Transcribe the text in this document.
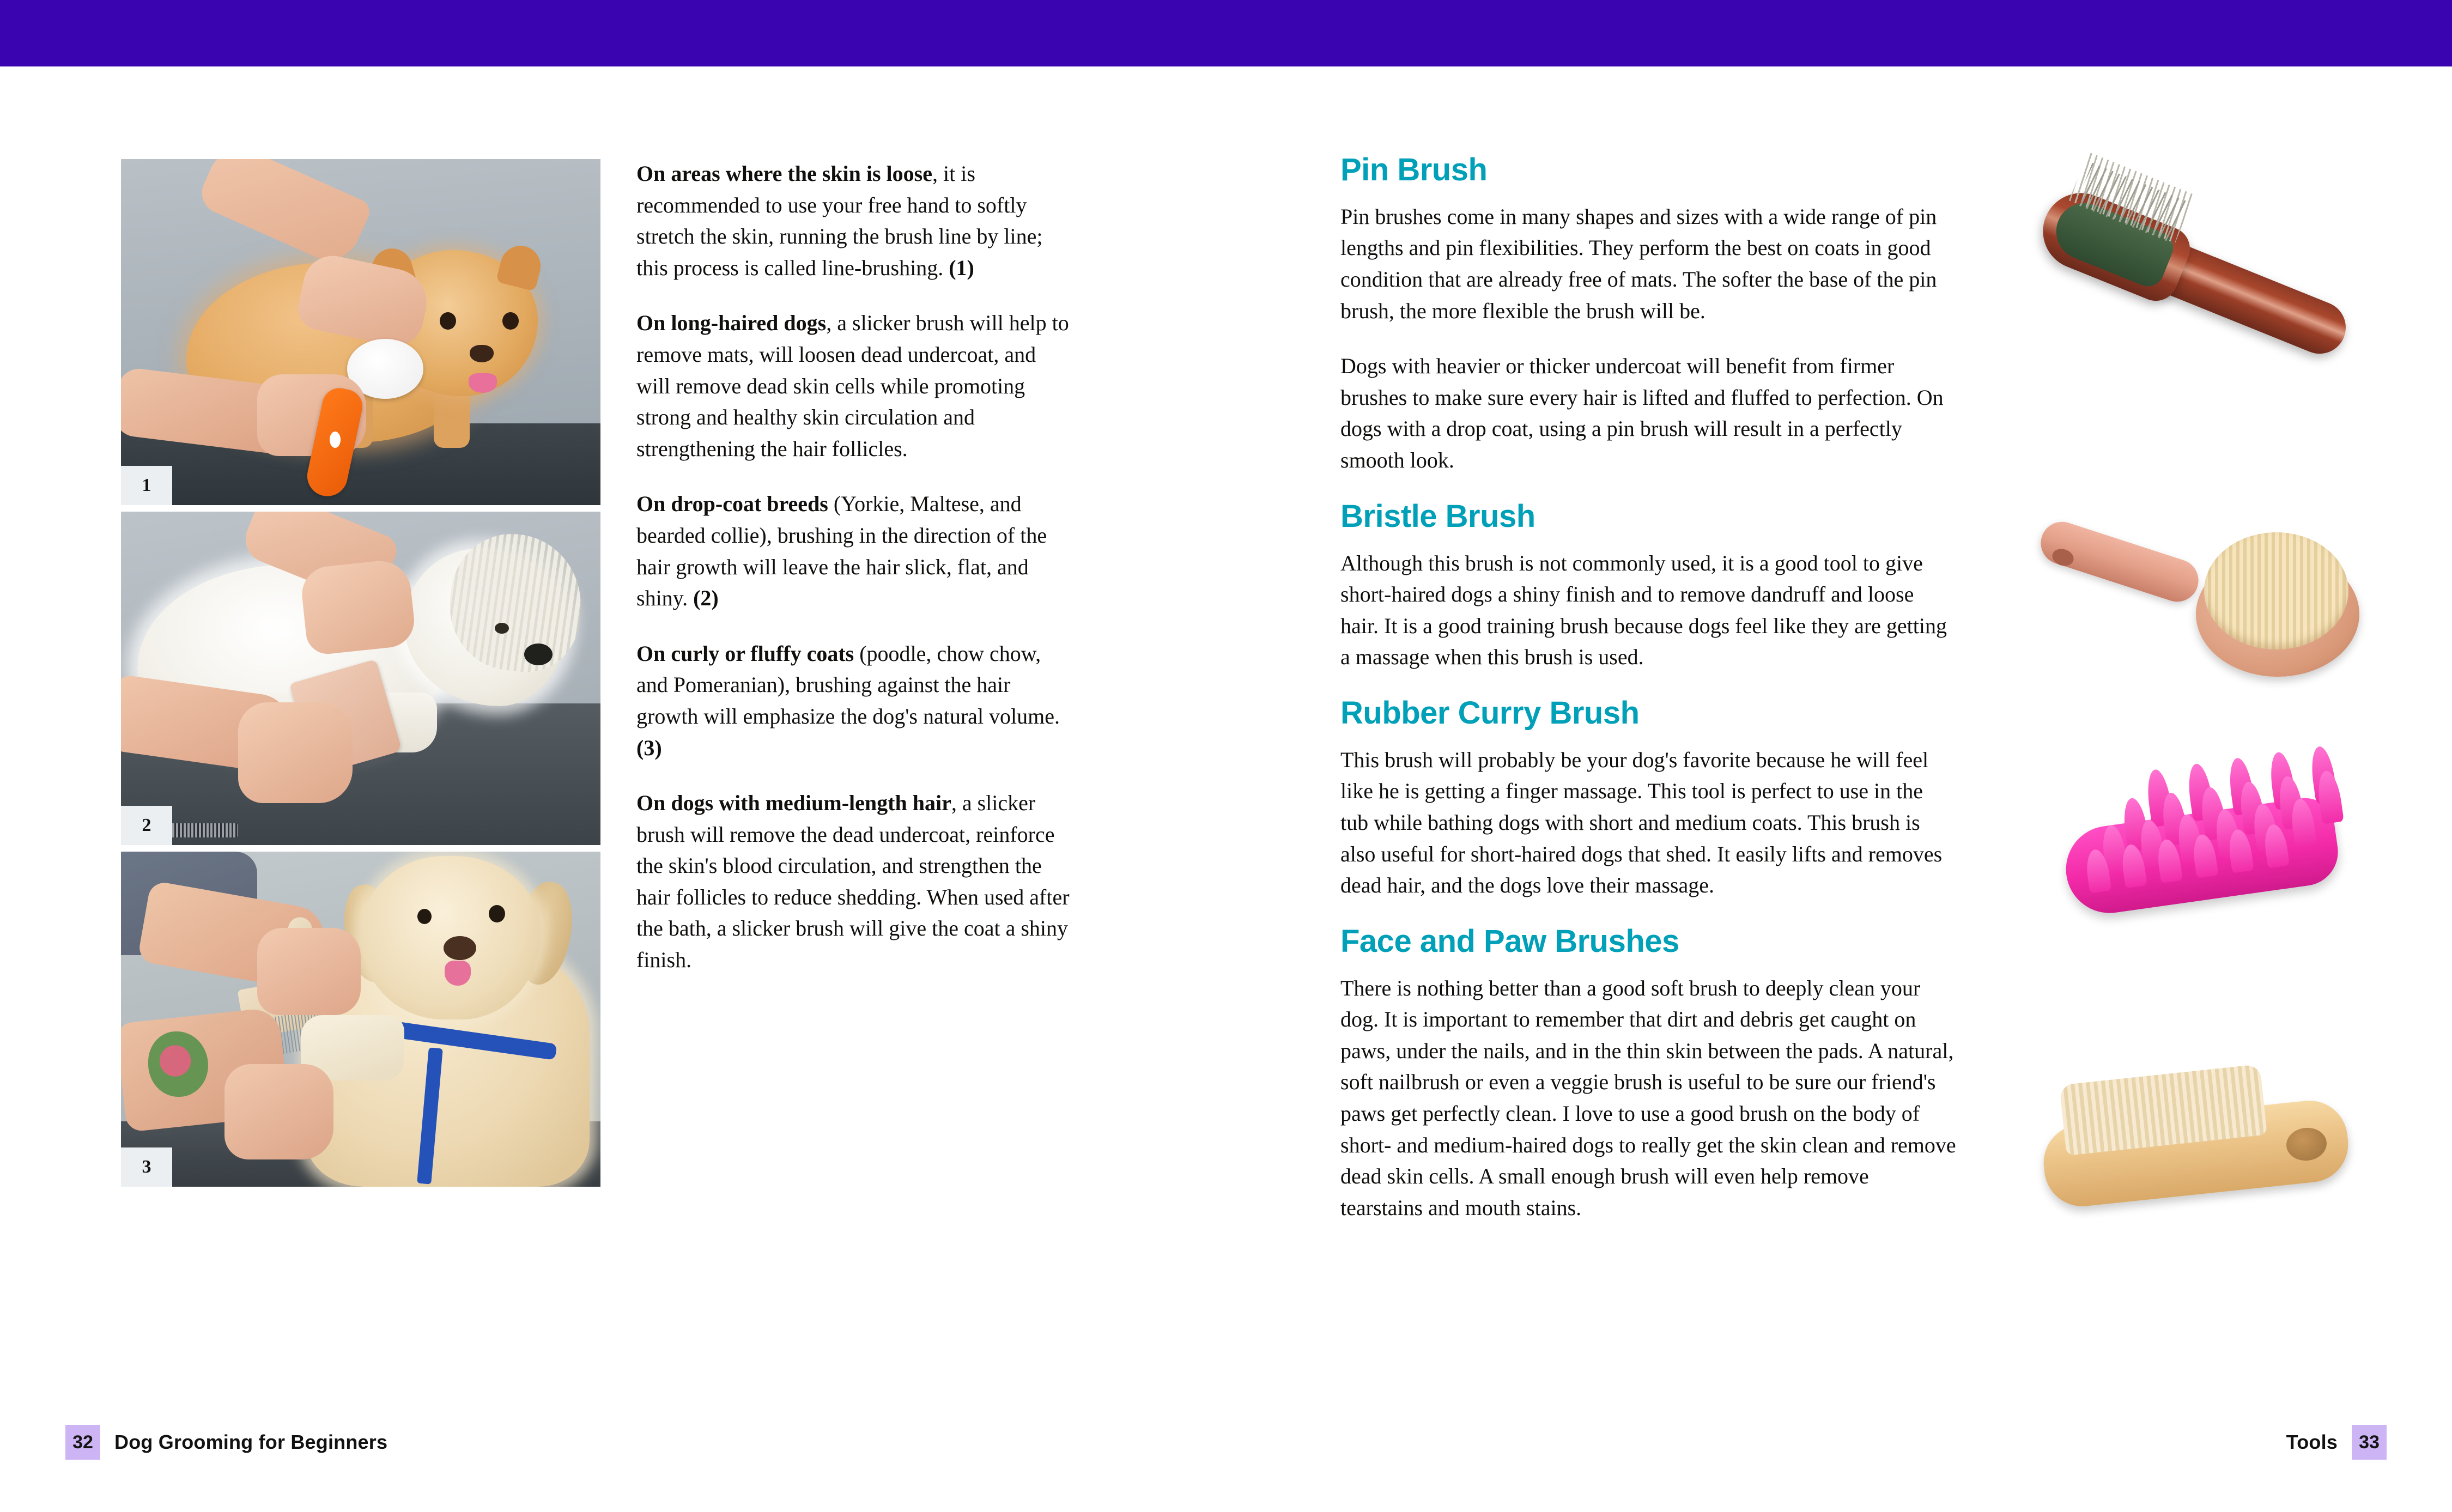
1
2
3

On areas where the skin is loose, it is recommended to use your free hand to softly stretch the skin, running the brush line by line; this process is called line-brushing. (1)

On long-haired dogs, a slicker brush will help to remove mats, will loosen dead undercoat, and will remove dead skin cells while promoting strong and healthy skin circulation and strengthening the hair follicles.

On drop-coat breeds (Yorkie, Maltese, and bearded collie), brushing in the direction of the hair growth will leave the hair slick, flat, and shiny. (2)

On curly or fluffy coats (poodle, chow chow, and Pomeranian), brushing against the hair growth will emphasize the dog's natural volume. (3)

On dogs with medium-length hair, a slicker brush will remove the dead undercoat, reinforce the skin's blood circulation, and strengthen the hair follicles to reduce shedding. When used after the bath, a slicker brush will give the coat a shiny finish.

32	Dog Grooming for Beginners
Pin Brush

Pin brushes come in many shapes and sizes with a wide range of pin lengths and pin flexibilities. They perform the best on coats in good condition that are already free of mats. The softer the base of the pin brush, the more flexible the brush will be.

Dogs with heavier or thicker undercoat will benefit from firmer brushes to make sure every hair is lifted and fluffed to perfection. On dogs with a drop coat, using a pin brush will result in a perfectly smooth look.

Bristle Brush

Although this brush is not commonly used, it is a good tool to give short-haired dogs a shiny finish and to remove dandruff and loose hair. It is a good training brush because dogs feel like they are getting a massage when this brush is used.

Rubber Curry Brush

This brush will probably be your dog's favorite because he will feel like he is getting a finger massage. This tool is perfect to use in the tub while bathing dogs with short and medium coats. This brush is also useful for short-haired dogs that shed. It easily lifts and removes dead hair, and the dogs love their massage.

Face and Paw Brushes

There is nothing better than a good soft brush to deeply clean your dog. It is important to remember that dirt and debris get caught on paws, under the nails, and in the thin skin between the pads. A natural, soft nailbrush or even a veggie brush is useful to be sure our friend's paws get perfectly clean. I love to use a good brush on the body of short- and medium-haired dogs to really get the skin clean and remove dead skin cells. A small enough brush will even help remove tearstains and mouth stains.

Tools	33
